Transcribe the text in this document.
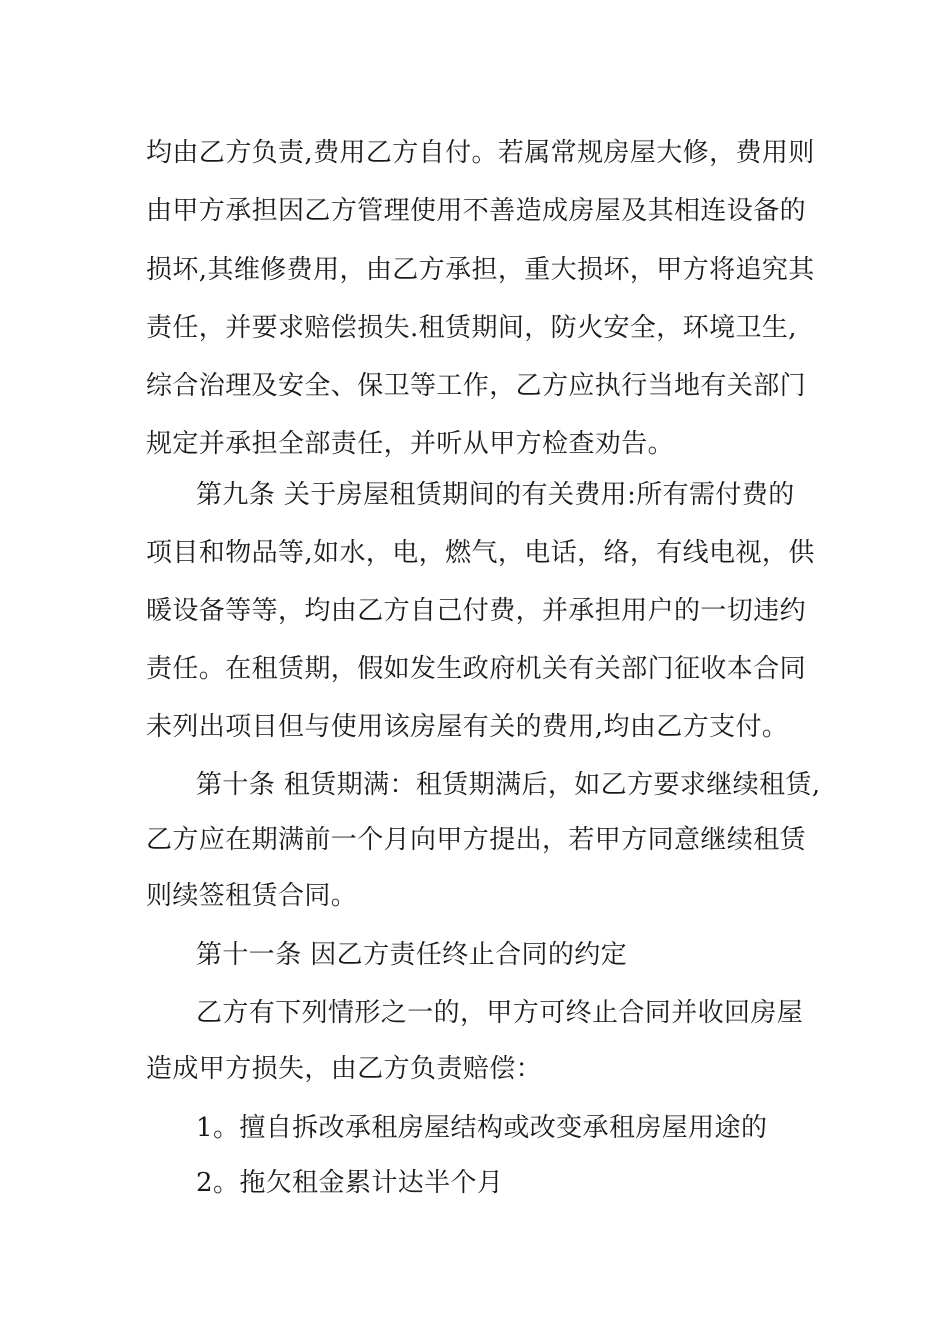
均由乙方负责,费用乙方自付。若属常规房屋大修，费用则
由甲方承担因乙方管理使用不善造成房屋及其相连设备的
损坏,其维修费用，由乙方承担，重大损坏，甲方将追究其
责任，并要求赔偿损失.租赁期间，防火安全，环境卫生,
综合治理及安全、保卫等工作，乙方应执行当地有关部门
规定并承担全部责任，并听从甲方检查劝告。
第九条 关于房屋租赁期间的有关费用:所有需付费的
项目和物品等,如水，电，燃气，电话，络，有线电视，供
暖设备等等，均由乙方自己付费，并承担用户的一切违约
责任。在租赁期，假如发生政府机关有关部门征收本合同
未列出项目但与使用该房屋有关的费用,均由乙方支付。
第十条 租赁期满：租赁期满后，如乙方要求继续租赁,
乙方应在期满前一个月向甲方提出，若甲方同意继续租赁
则续签租赁合同。
第十一条 因乙方责任终止合同的约定
乙方有下列情形之一的，甲方可终止合同并收回房屋
造成甲方损失，由乙方负责赔偿：
1。擅自拆改承租房屋结构或改变承租房屋用途的
2。拖欠租金累计达半个月
